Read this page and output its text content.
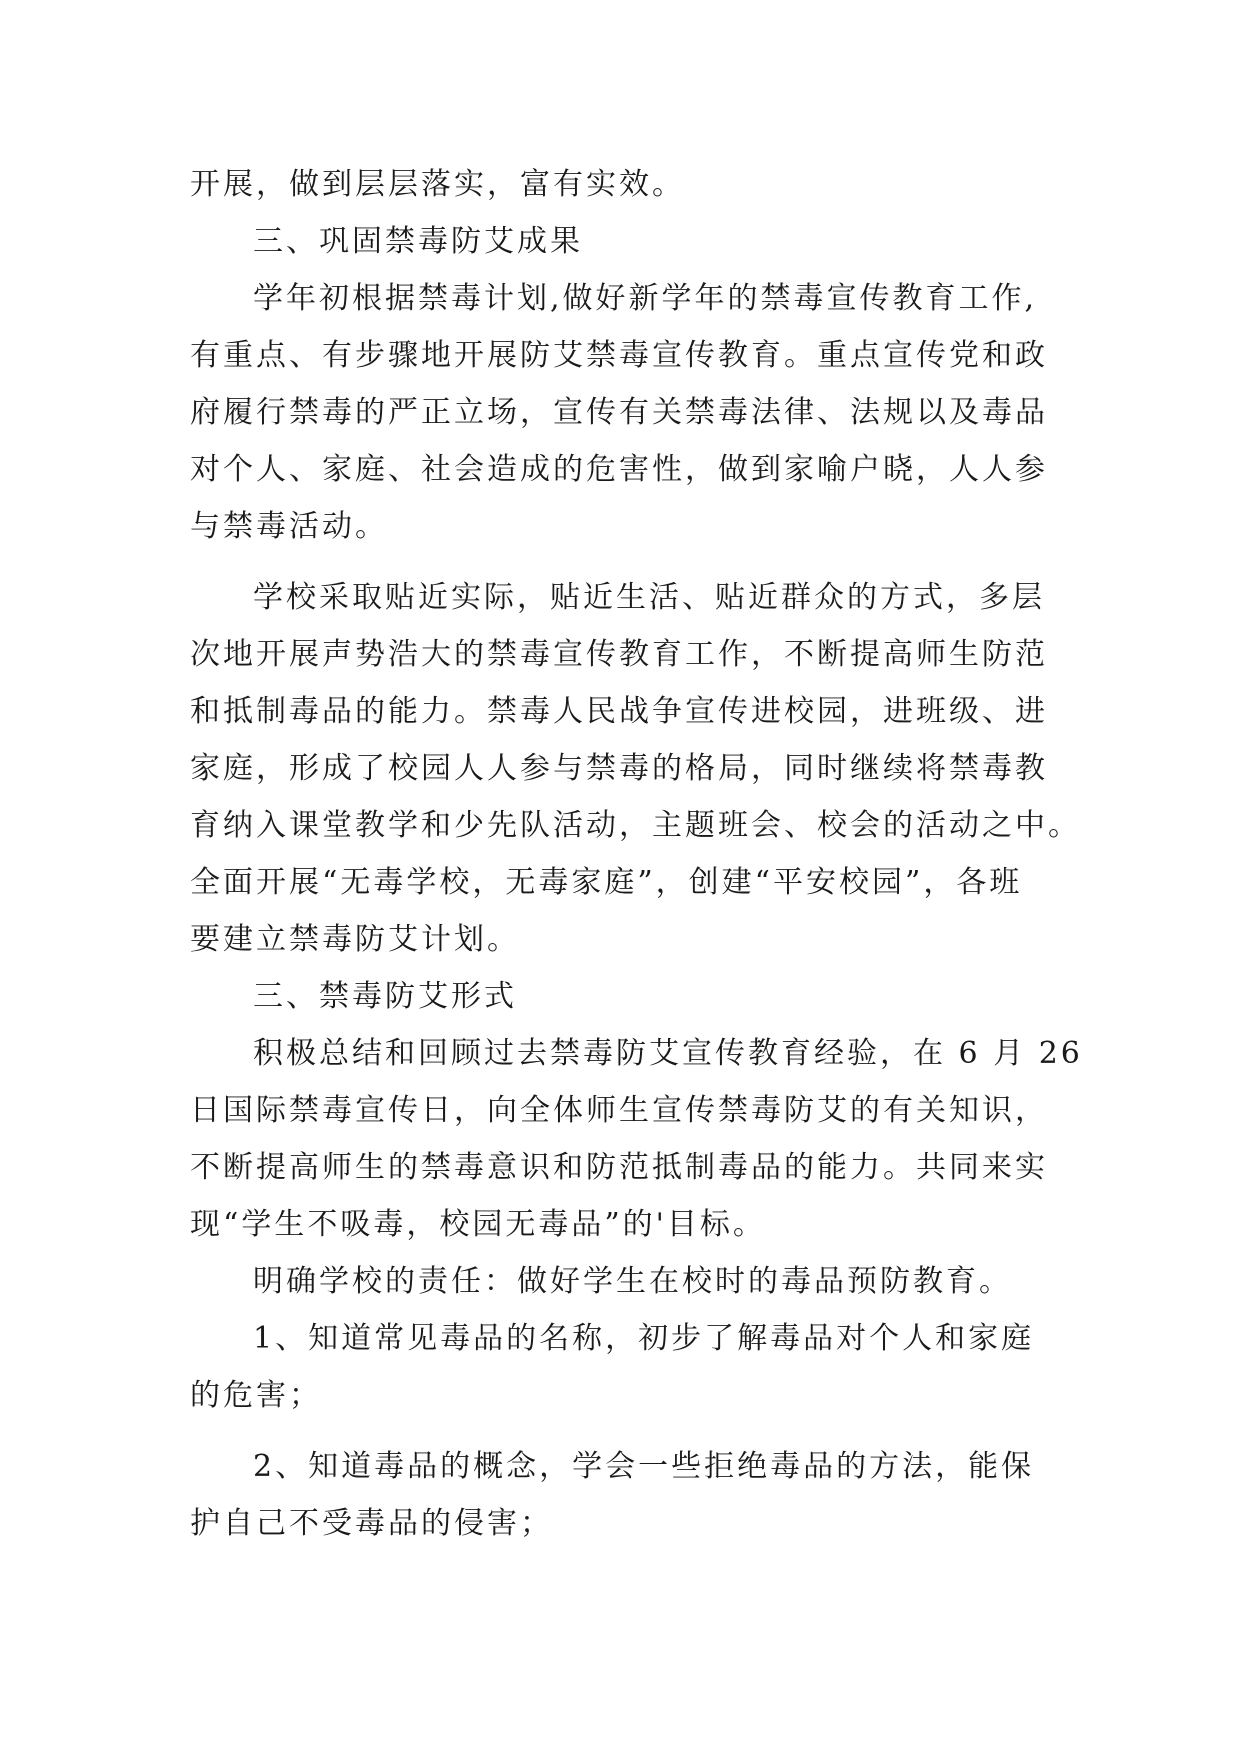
开展，做到层层落实，富有实效。
三、巩固禁毒防艾成果
学年初根据禁毒计划,做好新学年的禁毒宣传教育工作,
有重点、有步骤地开展防艾禁毒宣传教育。重点宣传党和政
府履行禁毒的严正立场，宣传有关禁毒法律、法规以及毒品
对个人、家庭、社会造成的危害性，做到家喻户晓，人人参
与禁毒活动。
学校采取贴近实际，贴近生活、贴近群众的方式，多层
次地开展声势浩大的禁毒宣传教育工作，不断提高师生防范
和抵制毒品的能力。禁毒人民战争宣传进校园，进班级、进
家庭，形成了校园人人参与禁毒的格局，同时继续将禁毒教
育纳入课堂教学和少先队活动，主题班会、校会的活动之中。
全面开展“无毒学校，无毒家庭”，创建“平安校园”，各班
要建立禁毒防艾计划。
三、禁毒防艾形式
积极总结和回顾过去禁毒防艾宣传教育经验，在 6 月 26
日国际禁毒宣传日，向全体师生宣传禁毒防艾的有关知识，
不断提高师生的禁毒意识和防范抵制毒品的能力。共同来实
现“学生不吸毒，校园无毒品”的'目标。
明确学校的责任：做好学生在校时的毒品预防教育。
1、知道常见毒品的名称，初步了解毒品对个人和家庭
的危害；
2、知道毒品的概念，学会一些拒绝毒品的方法，能保
护自己不受毒品的侵害；
